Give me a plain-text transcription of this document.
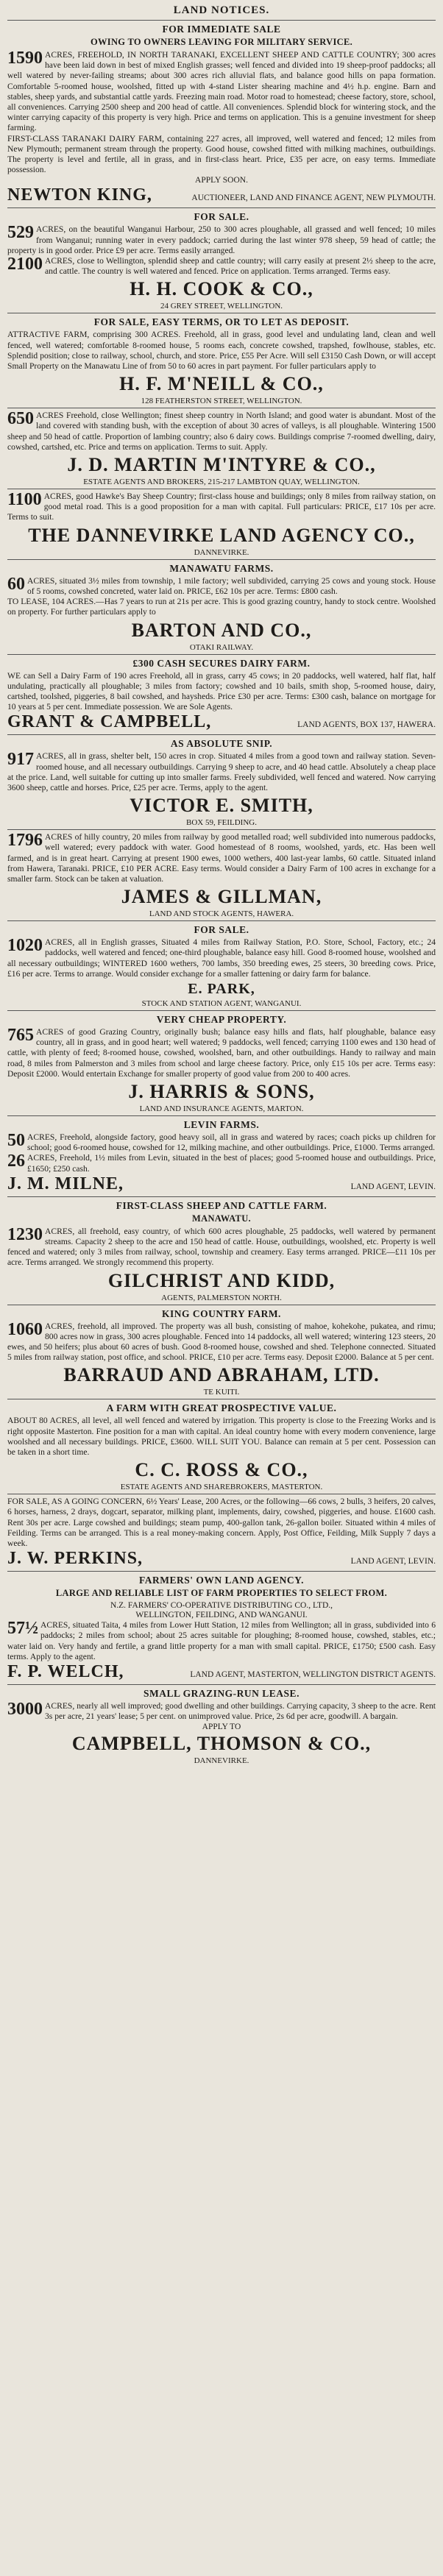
LAND NOTICES.
FOR IMMEDIATE SALE
OWING TO OWNERS LEAVING FOR MILITARY SERVICE.

1590 ACRES, FREEHOLD, IN NORTH TARANAKI, EXCELLENT SHEEP AND CATTLE COUNTRY; 300 acres have been laid down in best of mixed English grasses; well fenced and divided into 19 sheep-proof paddocks; all well watered by never-failing streams; about 300 acres rich alluvial flats, and balance good hills on papa formation. Comfortable 5-roomed house, woolshed, fitted up with 4-stand Lister shearing machine and 4½ h.p. engine. Barn and stables, sheep yards, and substantial cattle yards. Freezing main road. Motor road to homestead; cheese factory, store, school, all conveniences. Carrying 2500 sheep and 200 head of cattle. All conveniences. Splendid block for wintering stock, and the winter carrying capacity of this property is very high. Price and terms on application. This is a genuine investment for sheep farming.

FIRST-CLASS TARANAKI DAIRY FARM, containing 227 acres, all improved, well watered and fenced; 12 miles from New Plymouth; permanent stream through the property. Good house, cowshed fitted with milking machines, outbuildings. The property is level and fertile, all in grass, and in first-class heart. Price, £35 per acre, on easy terms. Immediate possession.

APPLY SOON.
NEWTON KING,	AUCTIONEER, LAND AND FINANCE AGENT, NEW PLYMOUTH.
FOR SALE.

529 ACRES, on the beautiful Wanganui Harbour, 250 to 300 acres ploughable, all grassed and well fenced; 10 miles from Wanganui; running water in every paddock; carried during the last winter 978 sheep, 59 head of cattle; the property is in good order. Price £9 per acre. Terms easily arranged.

2100 ACRES, close to Wellington, splendid sheep and cattle country; will carry easily at present 2½ sheep to the acre, and cattle. The country is well watered and fenced. Price on application. Terms arranged. Terms easy.

H. H. COOK & CO.,
24 GREY STREET, WELLINGTON.
FOR SALE, EASY TERMS, OR TO LET AS DEPOSIT.

ATTRACTIVE FARM, comprising 300 ACRES. Freehold, all in grass, good level and undulating land, clean and well fenced, well watered; comfortable 8-roomed house, 5 rooms each, concrete cowshed, trapshed, fowlhouse, stables, etc. Splendid position; close to railway, school, church, and store. Price, £55 Per Acre. Will sell £3150 Cash Down, or will accept Small Property on the Manawatu Line of from 50 to 60 acres in part payment. For fuller particulars apply to

H. F. M'NEILL & CO.,
128 FEATHERSTON STREET, WELLINGTON.

650 ACRES Freehold, close Wellington; finest sheep country in North Island; and good water is abundant. Most of the land covered with standing bush, with the exception of about 30 acres of valleys, is all ploughable. Wintering 1500 sheep and 50 head of cattle. Proportion of lambing country; also 6 dairy cows. Buildings comprise 7-roomed dwelling, dairy, cowshed, cartshed, etc. Price and terms on application. Terms to suit. Apply.

J. D. MARTIN M'INTYRE & CO.,
ESTATE AGENTS AND BROKERS, 215-217 LAMBTON QUAY, WELLINGTON.

1100 ACRES, good Hawke's Bay Sheep Country; first-class house and buildings; only 8 miles from railway station, on good metal road. This is a good proposition for a man with capital. Full particulars: PRICE, £17 10s per acre. Terms to suit.

THE DANNEVIRKE LAND AGENCY CO.,
DANNEVIRKE.
MANAWATU FARMS.

60 ACRES, situated 3½ miles from township, 1 mile factory; well subdivided, carrying 25 cows and young stock. House of 5 rooms, cowshed concreted, water laid on. PRICE, £62 10s per acre. Terms: £800 cash.

TO LEASE, 104 ACRES.—Has 7 years to run at 21s per acre. This is good grazing country, handy to stock centre. Woolshed on property. For further particulars apply to

BARTON AND CO.,
OTAKI RAILWAY.
£300 CASH SECURES DAIRY FARM.

WE can Sell a Dairy Farm of 190 acres Freehold, all in grass, carry 45 cows; in 20 paddocks, well watered, half flat, half undulating, practically all ploughable; 3 miles from factory; cowshed and 10 bails, smith shop, 5-roomed house, dairy, cartshed, toolshed, piggeries, 8 bail cowshed, and haysheds. Price £30 per acre. Terms: £300 cash, balance on mortgage for 10 years at 5 per cent. Immediate possession. We are Sole Agents.

GRANT & CAMPBELL,	LAND AGENTS, BOX 137, HAWERA.
AS ABSOLUTE SNIP.

917 ACRES, all in grass, shelter belt, 150 acres in crop. Situated 4 miles from a good town and railway station. Seven-roomed house, and all necessary outbuildings. Carrying 9 sheep to acre, and 40 head cattle. Absolutely a cheap place at the price. Land, well suitable for cutting up into smaller farms. Freely subdivided, well fenced and watered. Now carrying 3600 sheep, cattle and horses. Price, £25 per acre. Terms, apply to the agent.

VICTOR E. SMITH,
BOX 59, FEILDING.

1796 ACRES of hilly country, 20 miles from railway by good metalled road; well subdivided into numerous paddocks, well watered; every paddock with water. Good homestead of 8 rooms, woolshed, yards, etc. Has been well farmed, and is in great heart. Carrying at present 1900 ewes, 1000 wethers, 400 last-year lambs, 60 cattle. Situated inland from Hawera, Taranaki. PRICE, £10 PER ACRE. Easy terms. Would consider a Dairy Farm of 100 acres in exchange for a smaller farm. Stock can be taken at valuation.

JAMES & GILLMAN,
LAND AND STOCK AGENTS, HAWERA.
FOR SALE.

1020 ACRES, all in English grasses, Situated 4 miles from Railway Station, P.O. Store, School, Factory, etc.; 24 paddocks, well watered and fenced; one-third ploughable, balance easy hill. Good 8-roomed house, woolshed and all necessary outbuildings; WINTERED 1600 wethers, 700 lambs, 350 breeding ewes, 25 steers, 30 breeding cows. Price, £16 per acre. Terms to arrange. Would consider exchange for a smaller fattening or dairy farm for balance.

E. PARK,
STOCK AND STATION AGENT, WANGANUI.
VERY CHEAP PROPERTY.

765 ACRES of good Grazing Country, originally bush; balance easy hills and flats, half ploughable, balance easy country, all in grass, and in good heart; well watered; 9 paddocks, well fenced; carrying 1100 ewes and 130 head of cattle, with plenty of feed; 8-roomed house, cowshed, woolshed, barn, and other outbuildings. Handy to railway and main road, 8 miles from Palmerston and 3 miles from school and large cheese factory. Price, only £15 10s per acre. Terms easy: Deposit £2000. Would entertain Exchange for smaller property of good value from 200 to 400 acres.

J. HARRIS & SONS,
LAND AND INSURANCE AGENTS, MARTON.
LEVIN FARMS.

50 ACRES, Freehold, alongside factory, good heavy soil, all in grass and watered by races; coach picks up children for school; good 6-roomed house, cowshed for 12, milking machine, and other outbuildings. Price, £1000. Terms arranged.

26 ACRES, Freehold, 1½ miles from Levin, situated in the best of places; good 5-roomed house and outbuildings. Price, £1650; £250 cash.

J. M. MILNE,	LAND AGENT, LEVIN.
FIRST-CLASS SHEEP AND CATTLE FARM.
MANAWATU.

1230 ACRES, all freehold, easy country, of which 600 acres ploughable, 25 paddocks, well watered by permanent streams. Capacity 2 sheep to the acre and 150 head of cattle. House, outbuildings, woolshed, etc. Property is well fenced and watered; only 3 miles from railway, school, township and creamery. Easy terms arranged. PRICE—£11 10s per acre. Terms arranged. We strongly recommend this property.

GILCHRIST AND KIDD,
AGENTS, PALMERSTON NORTH.
KING COUNTRY FARM.

1060 ACRES, freehold, all improved. The property was all bush, consisting of mahoe, kohekohe, pukatea, and rimu; 800 acres now in grass, 300 acres ploughable. Fenced into 14 paddocks, all well watered; wintering 123 steers, 20 ewes, and 50 heifers; plus about 60 acres of bush. Good 8-roomed house, cowshed and shed. Telephone connected. Situated 5 miles from railway station, post office, and school. PRICE, £10 per acre. Terms easy. Deposit £2000. Balance at 5 per cent.

BARRAUD AND ABRAHAM, LTD.
TE KUITI.
A FARM WITH GREAT PROSPECTIVE VALUE.

ABOUT 80 ACRES, all level, all well fenced and watered by irrigation. This property is close to the Freezing Works and is right opposite Masterton. Fine position for a man with capital. An ideal country home with every modern convenience, large woolshed and all necessary buildings. PRICE, £3600. WILL SUIT YOU. Balance can remain at 5 per cent. Possession can be taken in a short time.

C. C. ROSS & CO.,
ESTATE AGENTS AND SHAREBROKERS, MASTERTON.

FOR SALE, AS A GOING CONCERN, 6½ Years' Lease, 200 Acres, or the following—66 cows, 2 bulls, 3 heifers, 20 calves, 6 horses, harness, 2 drays, dogcart, separator, milking plant, implements, dairy, cowshed, piggeries, and house. £1600 cash. Rent 30s per acre. Large cowshed and buildings; steam pump, 400-gallon tank, 26-gallon boiler. Situated within 4 miles of Feilding. Terms can be arranged. This is a real money-making concern. Apply, Post Office, Feilding, Milk Supply 7 days a week.

J. W. PERKINS,	LAND AGENT, LEVIN.
FARMERS' OWN LAND AGENCY.
LARGE AND RELIABLE LIST OF FARM PROPERTIES TO SELECT FROM.
N.Z. FARMERS' CO-OPERATIVE DISTRIBUTING CO., LTD.,
WELLINGTON, FEILDING, AND WANGANUI.

57½ ACRES, situated Taita, 4 miles from Lower Hutt Station, 12 miles from Wellington; all in grass, subdivided into 6 paddocks; 2 miles from school; about 25 acres suitable for ploughing; 8-roomed house, cowshed, stables, etc.; water laid on. Very handy and fertile, a grand little property for a man with small capital. PRICE, £1750; £500 cash. Easy terms. Apply to the agent.

F. P. WELCH,	LAND AGENT, MASTERTON, WELLINGTON DISTRICT AGENTS.
SMALL GRAZING-RUN LEASE.

3000 ACRES, nearly all well improved; good dwelling and other buildings. Carrying capacity, 3 sheep to the acre. Rent 3s per acre, 21 years' lease; 5 per cent. on unimproved value. Price, 2s 6d per acre, goodwill. A bargain.

APPLY TO
CAMPBELL, THOMSON & CO.,
DANNEVIRKE.
